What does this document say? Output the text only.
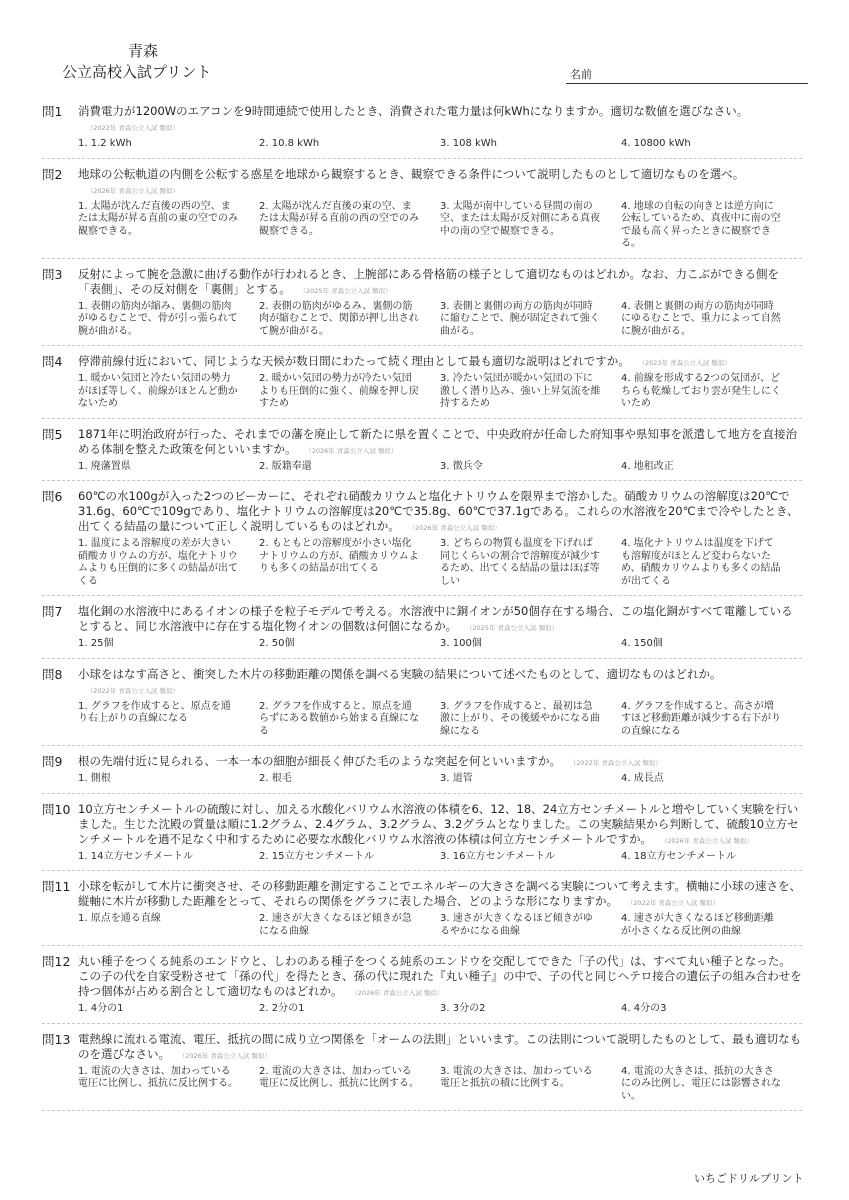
青森
公立高校入試プリント	名前
問1 消費電力が1200Wのエアコンを9時間連続で使用したとき、消費された電力量は何kWhになりますか。適切な数値を選びなさい。（2022年 青森公立入試 類似）
1. 1.2 kWh	2. 10.8 kWh	3. 108 kWh	4. 10800 kWh
問2 地球の公転軌道の内側を公転する惑星を地球から観察するとき、観察できる条件について説明したものとして適切なものを選べ。（2026年 青森公立入試 類似）
1. 太陽が沈んだ直後の西の空、または太陽が昇る直前の東の空でのみ観察できる。
2. 太陽が沈んだ直後の東の空、または太陽が昇る直前の西の空でのみ観察できる。
3. 太陽が南中している昼間の南の空、または太陽が反対側にある真夜中の南の空で観察できる。
4. 地球の自転の向きとは逆方向に公転しているため、真夜中に南の空で最も高く昇ったときに観察できる。
問3 反射によって腕を急激に曲げる動作が行われるとき、上腕部にある骨格筋の様子として適切なものはどれか。なお、力こぶができる側を「表側」、その反対側を「裏側」とする。 （2025年 青森公立入試 類似）
1. 表側の筋肉が縮み、裏側の筋肉がゆるむことで、骨が引っ張られて腕が曲がる。
2. 表側の筋肉がゆるみ、裏側の筋肉が縮むことで、関節が押し出されて腕が曲がる。
3. 表側と裏側の両方の筋肉が同時に縮むことで、腕が固定されて強く曲がる。
4. 表側と裏側の両方の筋肉が同時にゆるむことで、重力によって自然に腕が曲がる。
問4 停滞前線付近において、同じような天候が数日間にわたって続く理由として最も適切な説明はどれですか。 （2023年 青森公立入試 類似）
1. 暖かい気団と冷たい気団の勢力がほぼ等しく、前線がほとんど動かないため
2. 暖かい気団の勢力が冷たい気団よりも圧倒的に強く、前線を押し戻すため
3. 冷たい気団が暖かい気団の下に激しく潜り込み、強い上昇気流を維持するため
4. 前線を形成する2つの気団が、どちらも乾燥しており雲が発生しにくいため
問5 1871年に明治政府が行った、それまでの藩を廃止して新たに県を置くことで、中央政府が任命した府知事や県知事を派遣して地方を直接治める体制を整えた政策を何といいますか。 （2026年 青森公立入試 類似）
1. 廃藩置県	2. 版籍奉還	3. 徴兵令	4. 地租改正
問6 60℃の水100gが入った2つのビーカーに、それぞれ硝酸カリウムと塩化ナトリウムを限界まで溶かした。硝酸カリウムの溶解度は20℃で31.6g、60℃で109gであり、塩化ナトリウムの溶解度は20℃で35.8g、60℃で37.1gである。これらの水溶液を20℃まで冷やしたとき、出てくる結晶の量について正しく説明しているものはどれか。 （2026年 青森公立入試 類似）
1. 温度による溶解度の差が大きい硝酸カリウムの方が、塩化ナトリウムよりも圧倒的に多くの結晶が出てくる
2. もともとの溶解度が小さい塩化ナトリウムの方が、硝酸カリウムよりも多くの結晶が出てくる
3. どちらの物質も温度を下げれば同じくらいの割合で溶解度が減少するため、出てくる結晶の量はほぼ等しい
4. 塩化ナトリウムは温度を下げても溶解度がほとんど変わらないため、硝酸カリウムよりも多くの結晶が出てくる
問7 塩化銅の水溶液中にあるイオンの様子を粒子モデルで考える。水溶液中に銅イオンが50個存在する場合、この塩化銅がすべて電離しているとすると、同じ水溶液中に存在する塩化物イオンの個数は何個になるか。 （2025年 青森公立入試 類似）
1. 25個	2. 50個	3. 100個	4. 150個
問8 小球をはなす高さと、衝突した木片の移動距離の関係を調べる実験の結果について述べたものとして、適切なものはどれか。（2022年 青森公立入試 類似）
1. グラフを作成すると、原点を通り右上がりの直線になる
2. グラフを作成すると、原点を通らずにある数値から始まる直線になる
3. グラフを作成すると、最初は急激に上がり、その後緩やかになる曲線になる
4. グラフを作成すると、高さが増すほど移動距離が減少する右下がりの直線になる
問9 根の先端付近に見られる、一本一本の細胞が細長く伸びた毛のような突起を何といいますか。 （2022年 青森公立入試 類似）
1. 側根	2. 根毛	3. 道管	4. 成長点
問10 10立方センチメートルの硫酸に対し、加える水酸化バリウム水溶液の体積を6、12、18、24立方センチメートルと増やしていく実験を行いました。生じた沈殿の質量は順に1.2グラム、2.4グラム、3.2グラム、3.2グラムとなりました。この実験結果から判断して、硫酸10立方センチメートルを過不足なく中和するために必要な水酸化バリウム水溶液の体積は何立方センチメートルですか。 （2026年 青森公立入試 類似）
1. 14立方センチメートル	2. 15立方センチメートル	3. 16立方センチメートル	4. 18立方センチメートル
問11 小球を転がして木片に衝突させ、その移動距離を測定することでエネルギーの大きさを調べる実験について考えます。横軸に小球の速さを、縦軸に木片が移動した距離をとって、それらの関係をグラフに表した場合、どのような形になりますか。 （2022年 青森公立入試 類似）
1. 原点を通る直線	2. 速さが大きくなるほど傾きが急になる曲線
3. 速さが大きくなるほど傾きがゆるやかになる曲線
4. 速さが大きくなるほど移動距離が小さくなる反比例の曲線
問12 丸い種子をつくる純系のエンドウと、しわのある種子をつくる純系のエンドウを交配してできた「子の代」は、すべて丸い種子となった。この子の代を自家受粉させて「孫の代」を得たとき、孫の代に現れた『丸い種子』の中で、子の代と同じヘテロ接合の遺伝子の組み合わせを持つ個体が占める割合として適切なものはどれか。 （2026年 青森公立入試 類似）
1. 4分の1	2. 2分の1	3. 3分の2	4. 4分の3
問13 電熱線に流れる電流、電圧、抵抗の間に成り立つ関係を「オームの法則」といいます。この法則について説明したものとして、最も適切なものを選びなさい。 （2026年 青森公立入試 類似）
1. 電流の大きさは、加わっている電圧に比例し、抵抗に反比例する。
2. 電流の大きさは、加わっている電圧に反比例し、抵抗に比例する。
3. 電流の大きさは、加わっている電圧と抵抗の積に比例する。
4. 電流の大きさは、抵抗の大きさにのみ比例し、電圧には影響されない。
いちごドリルプリント
